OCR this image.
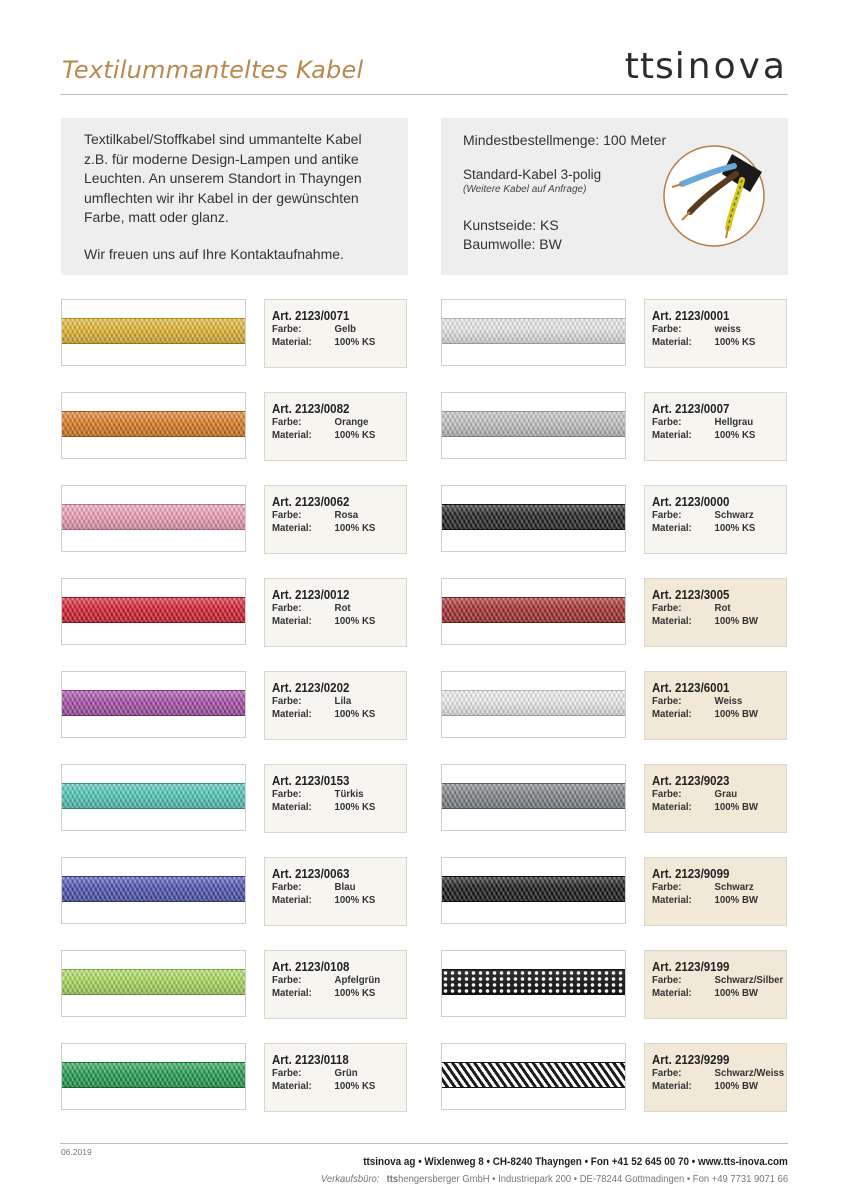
Textilummanteltes Kabel	ttsinova

Textilkabel/Stoffkabel sind ummantelte Kabel z.B. für moderne Design-Lampen und antike Leuchten. An unserem Standort in Thayngen umflechten wir ihr Kabel in der gewünschten Farbe, matt oder glanz.

Wir freuen uns auf Ihre Kontaktaufnahme.

Mindestbestellmenge: 100 Meter
Standard-Kabel 3-polig
(Weitere Kabel auf Anfrage)
Kunstseide: KS
Baumwolle: BW
Art. 2123/0071
Farbe:	Gelb
Material: 100% KS
Art. 2123/0082
Farbe:	Orange
Material: 100% KS
Art. 2123/0062
Farbe:	Rosa
Material: 100% KS
Art. 2123/0012
Farbe:	Rot
Material: 100% KS
Art. 2123/0202
Farbe:	Lila
Material: 100% KS
Art. 2123/0153
Farbe:	Türkis
Material: 100% KS
Art. 2123/0063
Farbe:	Blau
Material: 100% KS
Art. 2123/0108
Farbe:	Apfelgrün
Material: 100% KS
Art. 2123/0118
Farbe:	Grün
Material: 100% KS
Art. 2123/0001
Farbe:	weiss
Material: 100% KS
Art. 2123/0007
Farbe:	Hellgrau
Material: 100% KS
Art. 2123/0000
Farbe:	Schwarz
Material: 100% KS
Art. 2123/3005
Farbe:	Rot
Material: 100% BW
Art. 2123/6001
Farbe:	Weiss
Material: 100% BW
Art. 2123/9023
Farbe:	Grau
Material: 100% BW
Art. 2123/9099
Farbe:	Schwarz
Material: 100% BW
Art. 2123/9199
Farbe:	Schwarz/Silber
Material: 100% BW
Art. 2123/9299
Farbe:	Schwarz/Weiss
Material: 100% BW
06.2019
ttsinova ag • Wixlenweg 8 • CH-8240 Thayngen • Fon +41 52 645 00 70 • www.tts-inova.com
Verkaufsbüro: ttshengersberger GmbH • Industriepark 200 • DE-78244 Gottmadingen • Fon +49 7731 9071 66
